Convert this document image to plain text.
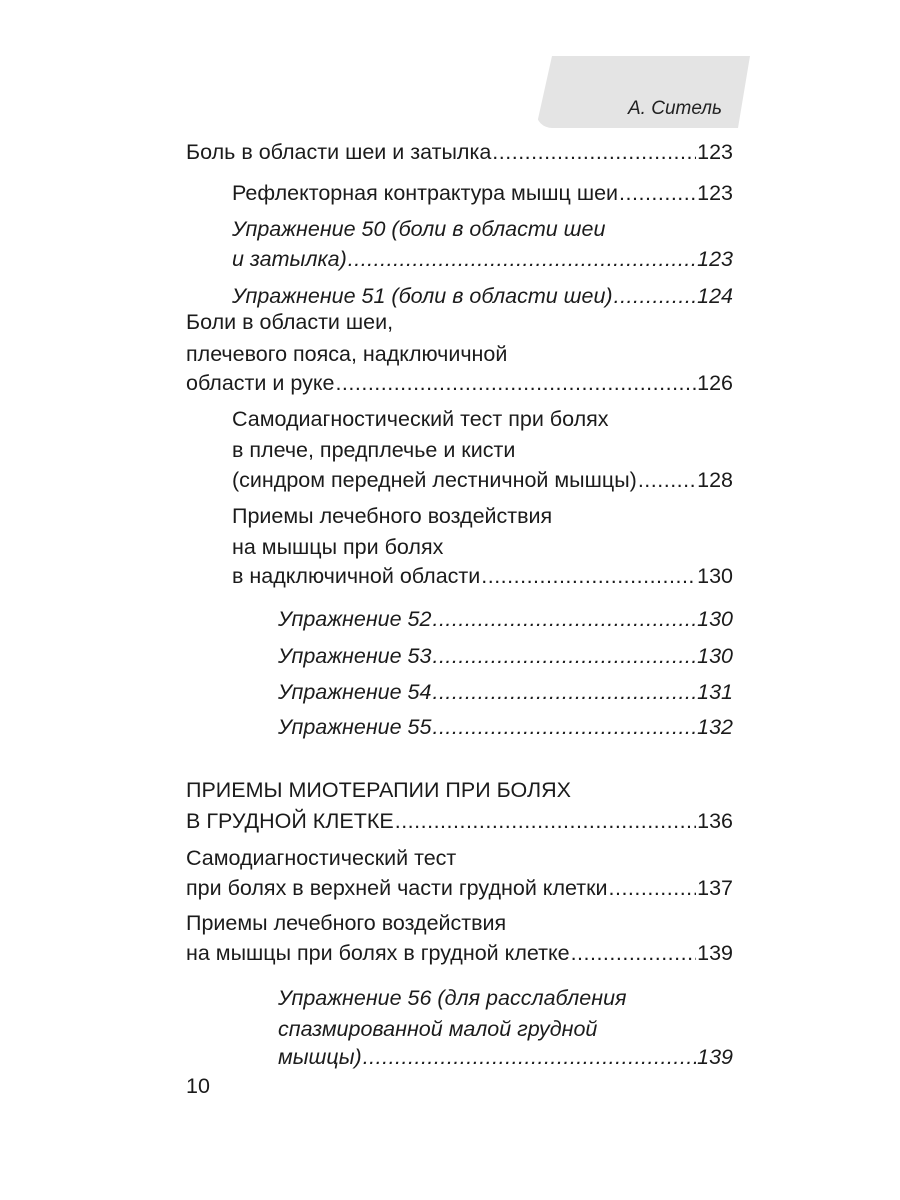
А. Ситель
Боль в области шеи и затылка .....	123
Рефлекторная контрактура мышц шеи .....	123
Упражнение 50 (боли в области шеи
и затылка) .....	123
Упражнение 51 (боли в области шеи) .....	124
Боли в области шеи,
плечевого пояса, надключичной
области и руке .....	126
Самодиагностический тест при болях
в плече, предплечье и кисти
(синдром передней лестничной мышцы) .....	128
Приемы лечебного воздействия
на мышцы при болях
в надключичной области .....	130
Упражнение 52 .....	130
Упражнение 53 .....	130
Упражнение 54 .....	131
Упражнение 55 .....	132
ПРИЕМЫ МИОТЕРАПИИ ПРИ БОЛЯХ
В ГРУДНОЙ КЛЕТКЕ .....	136
Самодиагностический тест
при болях в верхней части грудной клетки .....	137
Приемы лечебного воздействия
на мышцы при болях в грудной клетке .....	139
Упражнение 56 (для расслабления
спазмированной малой грудной
мышцы) .....	139
10
